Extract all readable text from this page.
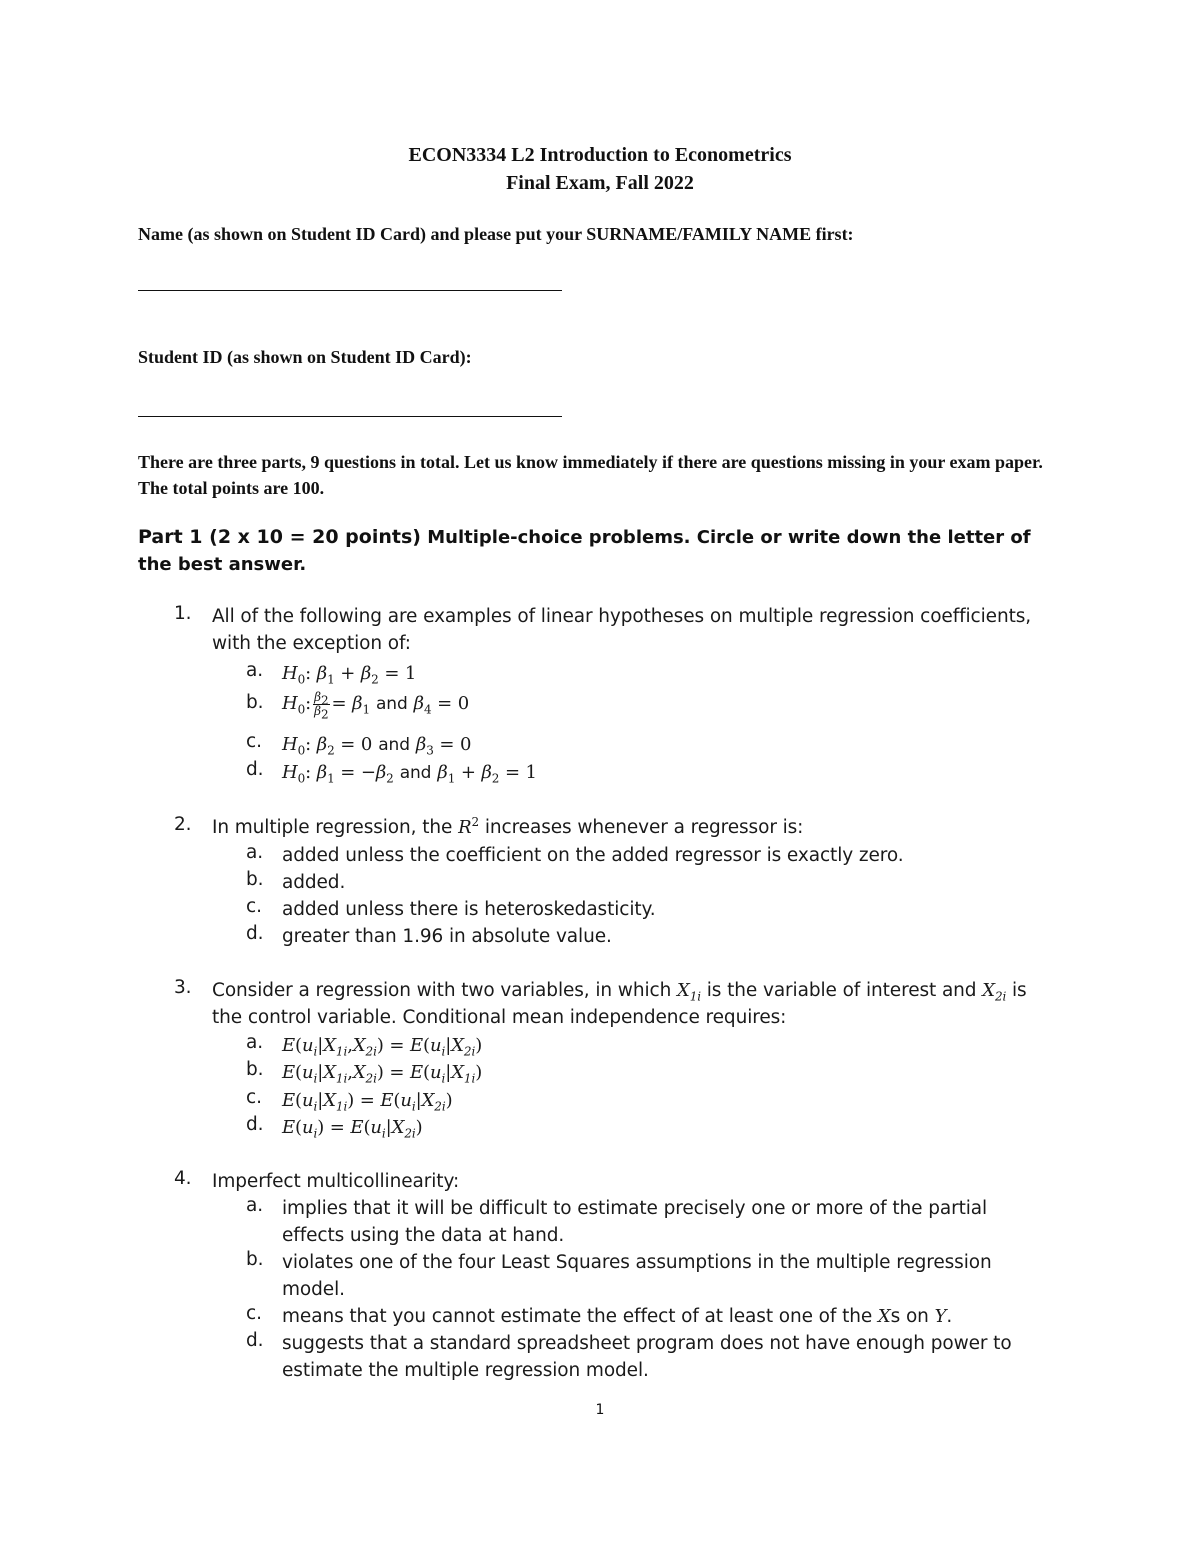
ECON3334 L2 Introduction to Econometrics
Final Exam, Fall 2022
Name (as shown on Student ID Card) and please put your SURNAME/FAMILY NAME first:
Student ID (as shown on Student ID Card):
There are three parts, 9 questions in total. Let us know immediately if there are questions missing in your exam paper. The total points are 100.
Part 1 (2 x 10 = 20 points) Multiple-choice problems. Circle or write down the letter of the best answer.
1. All of the following are examples of linear hypotheses on multiple regression coefficients, with the exception of:
a. $H_0$: $\beta_1 + \beta_2 = 1$
b. $H_0$: $\frac{\beta_2}{\beta_2} = \beta_1$ and $\beta_4 = 0$
c. $H_0$: $\beta_2 = 0$ and $\beta_3 = 0$
d. $H_0$: $\beta_1 = -\beta_2$ and $\beta_1 + \beta_2 = 1$
2. In multiple regression, the $R^2$ increases whenever a regressor is:
a. added unless the coefficient on the added regressor is exactly zero.
b. added.
c. added unless there is heteroskedasticity.
d. greater than 1.96 in absolute value.
3. Consider a regression with two variables, in which $X_{1i}$ is the variable of interest and $X_{2i}$ is the control variable. Conditional mean independence requires:
a. $E(u_i|X_{1i},X_{2i}) = E(u_i|X_{2i})$
b. $E(u_i|X_{1i},X_{2i}) = E(u_i|X_{1i})$
c. $E(u_i|X_{1i}) = E(u_i|X_{2i})$
d. $E(u_i) = E(u_i|X_{2i})$
4. Imperfect multicollinearity:
a. implies that it will be difficult to estimate precisely one or more of the partial effects using the data at hand.
b. violates one of the four Least Squares assumptions in the multiple regression model.
c. means that you cannot estimate the effect of at least one of the Xs on Y.
d. suggests that a standard spreadsheet program does not have enough power to estimate the multiple regression model.
1
